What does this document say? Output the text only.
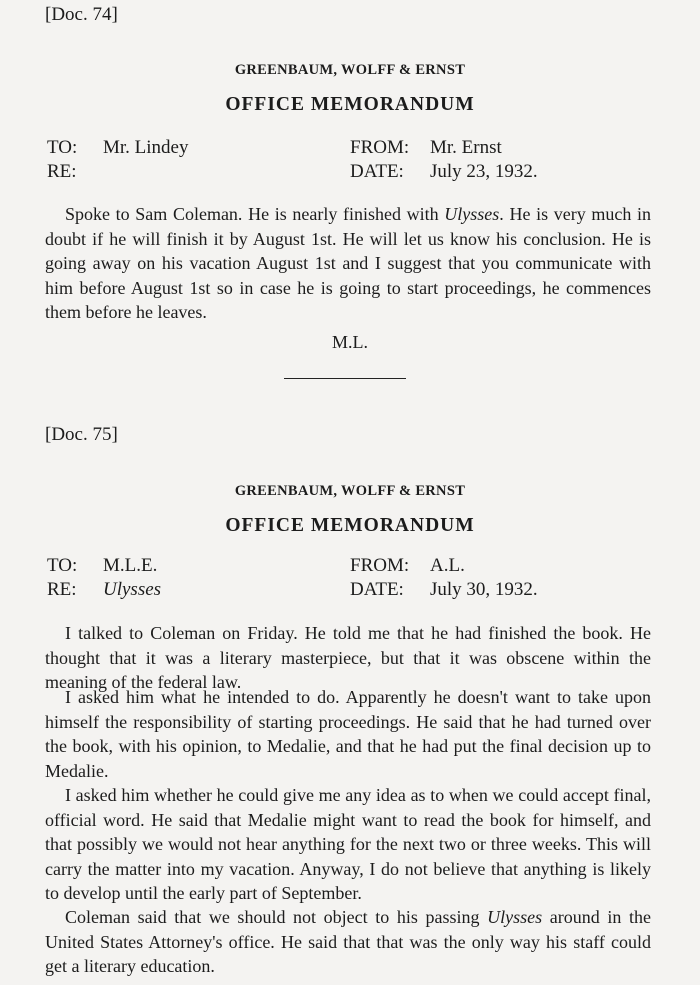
[Doc. 74]
GREENBAUM, WOLFF & ERNST
OFFICE MEMORANDUM
TO: Mr. Lindey	FROM: Mr. Ernst
RE:	DATE: July 23, 1932.

Spoke to Sam Coleman. He is nearly finished with Ulysses. He is very much in doubt if he will finish it by August 1st. He will let us know his conclusion. He is going away on his vacation August 1st and I suggest that you communicate with him before August 1st so in case he is going to start proceedings, he commences them before he leaves.

M.L.
[Doc. 75]
GREENBAUM, WOLFF & ERNST
OFFICE MEMORANDUM
TO: M.L.E.	FROM: A.L.
RE: Ulysses	DATE: July 30, 1932.

I talked to Coleman on Friday. He told me that he had finished the book. He thought that it was a literary masterpiece, but that it was obscene within the meaning of the federal law.

I asked him what he intended to do. Apparently he doesn't want to take upon himself the responsibility of starting proceedings. He said that he had turned over the book, with his opinion, to Medalie, and that he had put the final decision up to Medalie.

I asked him whether he could give me any idea as to when we could accept final, official word. He said that Medalie might want to read the book for himself, and that possibly we would not hear anything for the next two or three weeks. This will carry the matter into my vacation. Anyway, I do not believe that anything is likely to develop until the early part of September.

Coleman said that we should not object to his passing Ulysses around in the United States Attorney's office. He said that that was the only way his staff could get a literary education.
